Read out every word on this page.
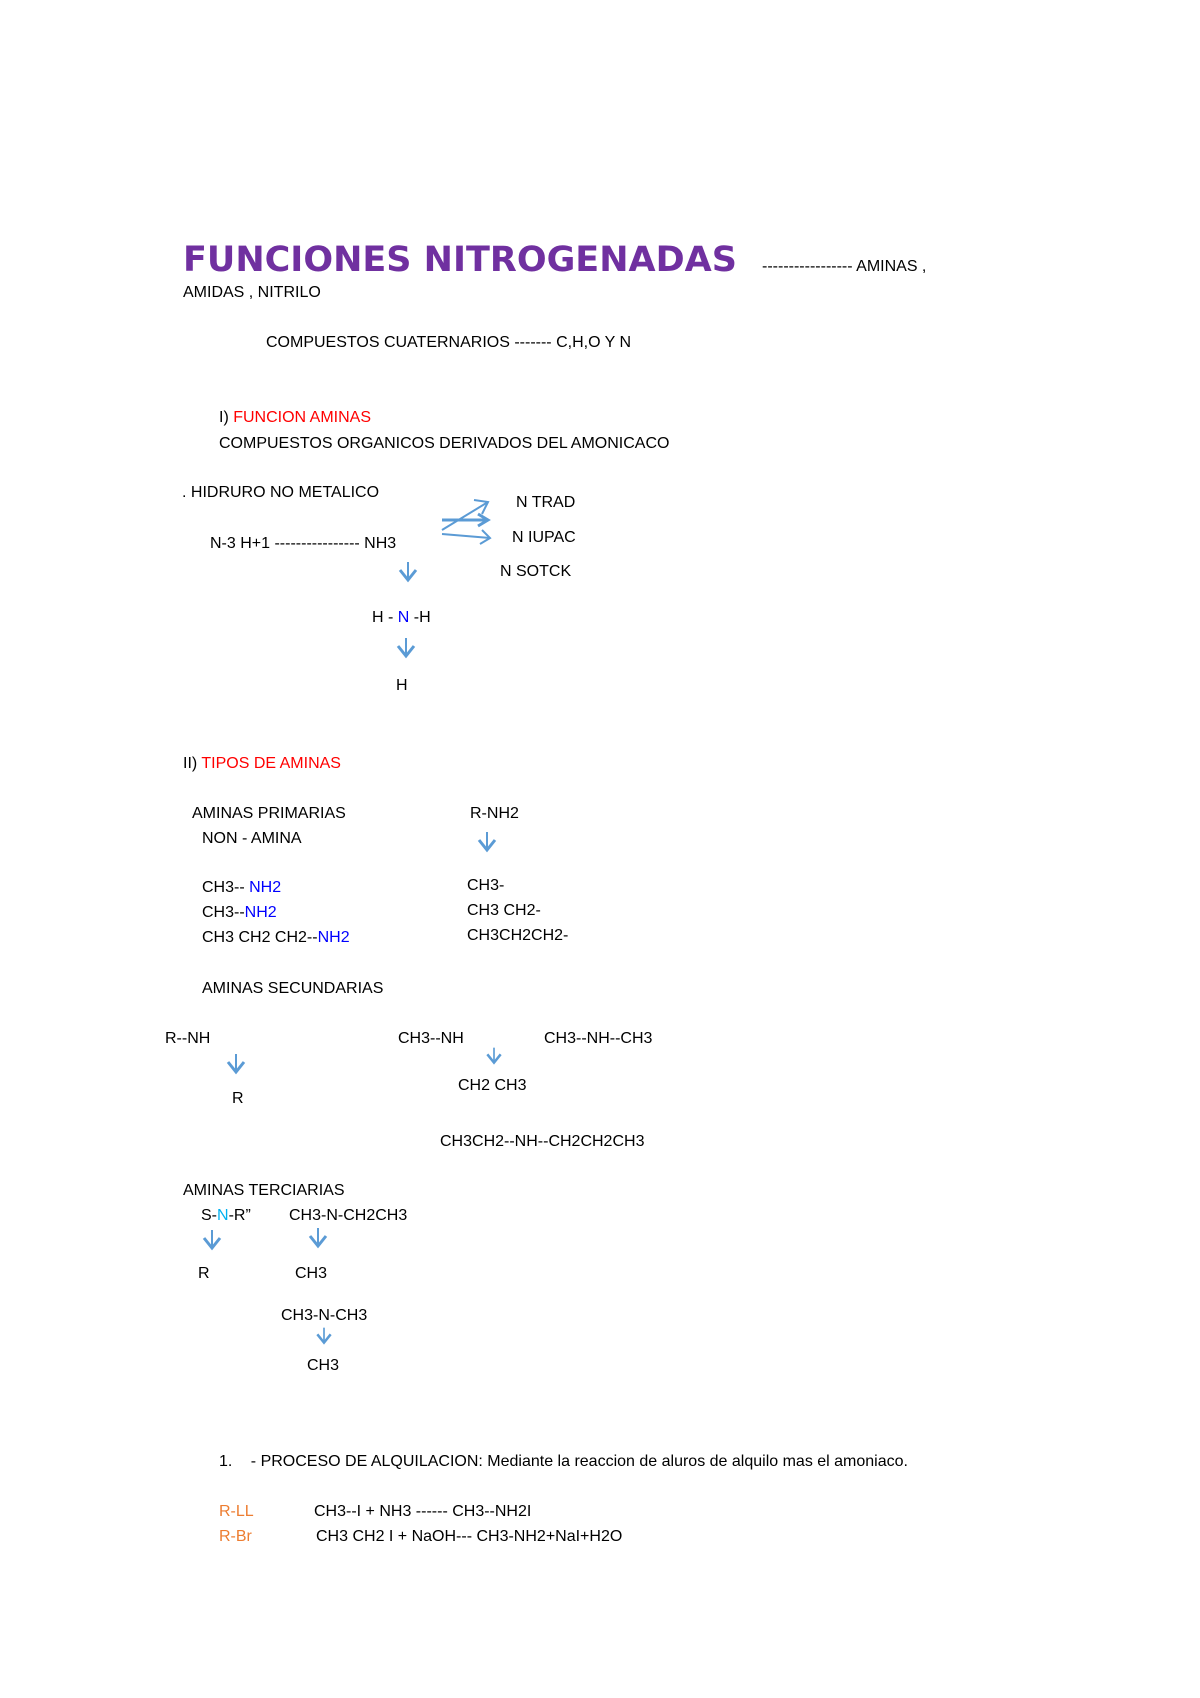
FUNCIONES NITROGENADAS ----------------- AMINAS ,
AMIDAS , NITRILO
COMPUESTOS CUATERNARIOS ------- C,H,O Y N
I) FUNCION AMINAS
COMPUESTOS ORGANICOS DERIVADOS DEL AMONICACO
. HIDRURO NO METALICO
N-3 H+1 ---------------- NH3
N TRAD
N IUPAC
N SOTCK
H - N -H
H
II) TIPOS DE AMINAS
AMINAS PRIMARIAS
NON - AMINA
R-NH2
CH3-- NH2
CH3--NH2
CH3 CH2 CH2--NH2
CH3-
CH3 CH2-
CH3CH2CH2-
AMINAS SECUNDARIAS
R--NH
R
CH3--NH
CH2 CH3
CH3--NH--CH3
CH3CH2--NH--CH2CH2CH3
AMINAS TERCIARIAS
S-N-R”
R
CH3-N-CH2CH3
CH3
CH3-N-CH3
CH3
1. - PROCESO DE ALQUILACION: Mediante la reaccion de aluros de alquilo mas el amoniaco.
R-LL	CH3--I + NH3 ------ CH3--NH2I
R-Br	CH3 CH2 I + NaOH--- CH3-NH2+NaI+H2O
